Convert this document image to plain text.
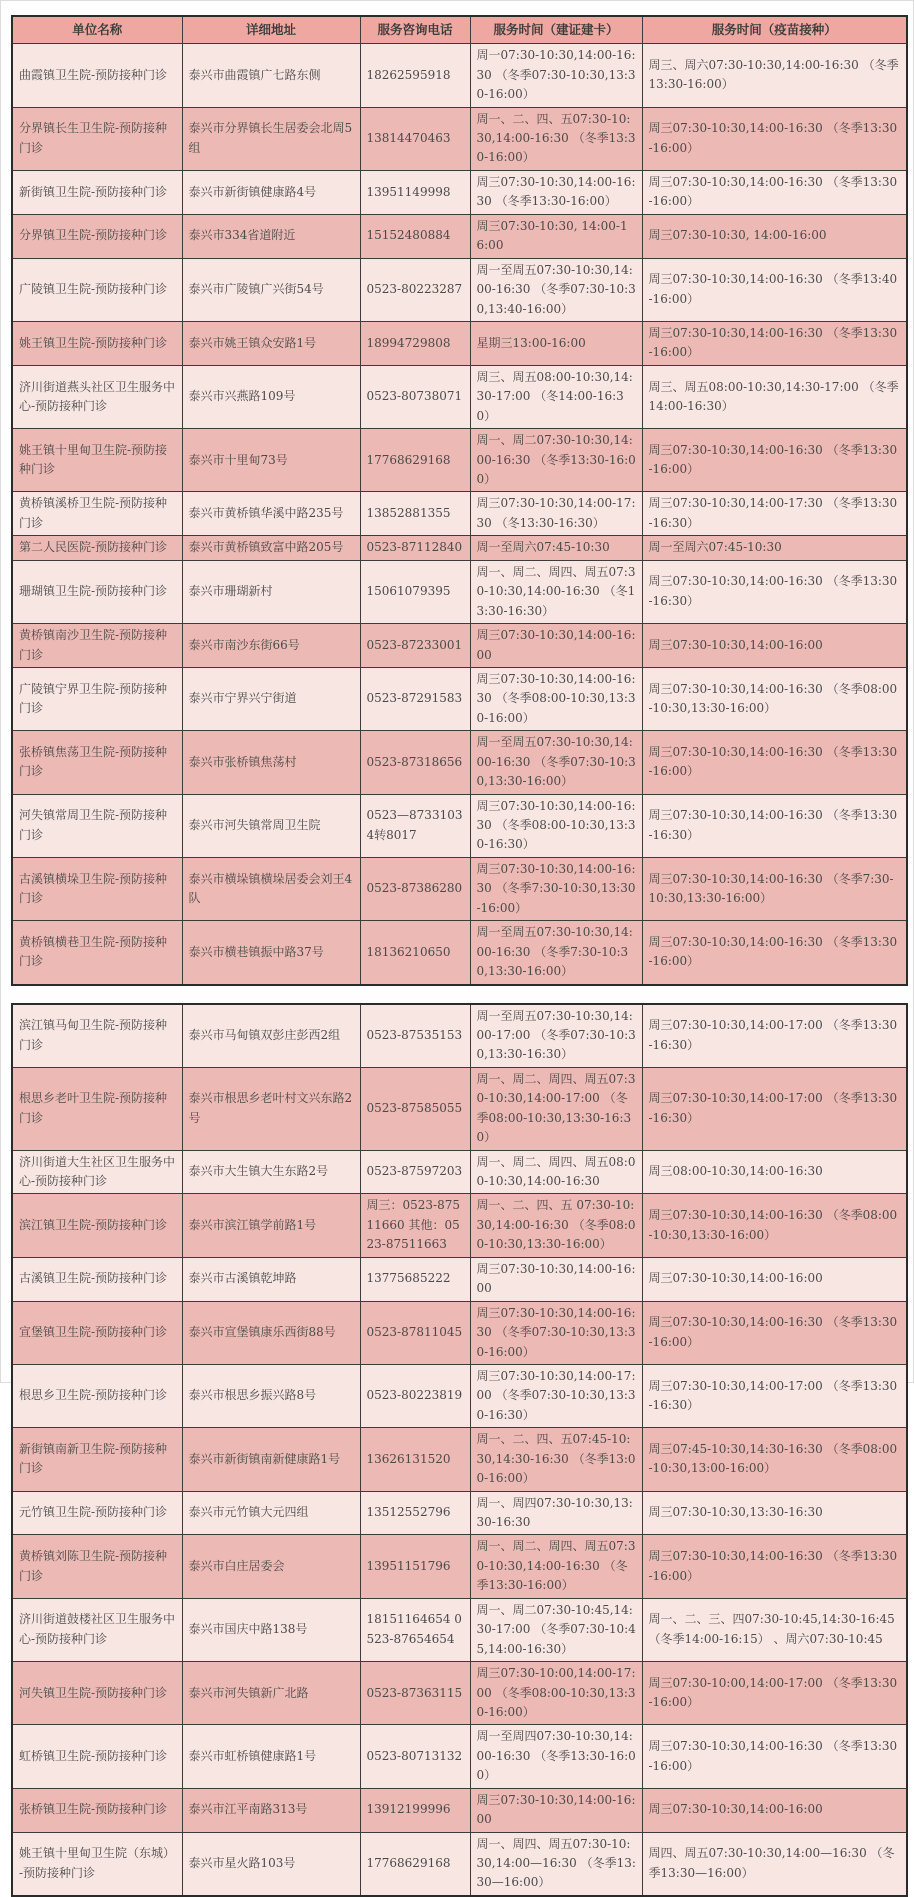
单位名称	详细地址	服务咨询电话	服务时间（建证建卡）	服务时间（疫苗接种）
曲霞镇卫生院-预防接种门诊	泰兴市曲霞镇广七路东侧	18262595918	周一07:30-10:30,14:00-16:30 （冬季07:30-10:30,13:30-16:00）	周三、周六07:30-10:30,14:00-16:30 （冬季13:30-16:00）
分界镇长生卫生院-预防接种门诊	泰兴市分界镇长生居委会北周5组	13814470463	周一、二、四、五07:30-10:30,14:00-16:30 （冬季13:30-16:00）	周三07:30-10:30,14:00-16:30 （冬季13:30-16:00）
新街镇卫生院-预防接种门诊	泰兴市新街镇健康路4号	13951149998	周三07:30-10:30,14:00-16:30 （冬季13:30-16:00）	周三07:30-10:30,14:00-16:30 （冬季13:30-16:00）
分界镇卫生院-预防接种门诊	泰兴市334省道附近	15152480884	周三07:30-10:30, 14:00-16:00	周三07:30-10:30, 14:00-16:00
广陵镇卫生院-预防接种门诊	泰兴市广陵镇广兴街54号	0523-80223287	周一至周五07:30-10:30,14:00-16:30 （冬季07:30-10:30,13:40-16:00）	周三07:30-10:30,14:00-16:30 （冬季13:40-16:00）
姚王镇卫生院-预防接种门诊	泰兴市姚王镇众安路1号	18994729808	星期三13:00-16:00	周三07:30-10:30,14:00-16:30 （冬季13:30-16:00）
济川街道燕头社区卫生服务中心-预防接种门诊	泰兴市兴燕路109号	0523-80738071	周三、周五08:00-10:30,14:30-17:00 （冬14:00-16:30）	周三、周五08:00-10:30,14:30-17:00 （冬季14:00-16:30）
姚王镇十里甸卫生院-预防接种门诊	泰兴市十里甸73号	17768629168	周一、周二07:30-10:30,14:00-16:30 （冬季13:30-16:00）	周三07:30-10:30,14:00-16:30 （冬季13:30-16:00）
黄桥镇溪桥卫生院-预防接种门诊	泰兴市黄桥镇华溪中路235号	13852881355	周三07:30-10:30,14:00-17:30 （冬13:30-16:30）	周三07:30-10:30,14:00-17:30 （冬季13:30-16:30）
第二人民医院-预防接种门诊	泰兴市黄桥镇致富中路205号	0523-87112840	周一至周六07:45-10:30	周一至周六07:45-10:30
珊瑚镇卫生院-预防接种门诊	泰兴市珊瑚新村	15061079395	周一、周二、周四、周五07:30-10:30,14:00-16:30 （冬13:30-16:30）	周三07:30-10:30,14:00-16:30 （冬季13:30-16:30）
黄桥镇南沙卫生院-预防接种门诊	泰兴市南沙东街66号	0523-87233001	周三07:30-10:30,14:00-16:00	周三07:30-10:30,14:00-16:00
广陵镇宁界卫生院-预防接种门诊	泰兴市宁界兴宁街道	0523-87291583	周三07:30-10:30,14:00-16:30 （冬季08:00-10:30,13:30-16:00）	周三07:30-10:30,14:00-16:30 （冬季08:00-10:30,13:30-16:00）
张桥镇焦荡卫生院-预防接种门诊	泰兴市张桥镇焦荡村	0523-87318656	周一至周五07:30-10:30,14:00-16:30 （冬季07:30-10:30,13:30-16:00）	周三07:30-10:30,14:00-16:30 （冬季13:30-16:00）
河失镇常周卫生院-预防接种门诊	泰兴市河失镇常周卫生院	0523—87331034转8017	周三07:30-10:30,14:00-16:30 （冬季08:00-10:30,13:30-16:30）	周三07:30-10:30,14:00-16:30 （冬季13:30-16:30）
古溪镇横垛卫生院-预防接种门诊	泰兴市横垛镇横垛居委会刘王4队	0523-87386280	周三07:30-10:30,14:00-16:30 （冬季7:30-10:30,13:30-16:00）	周三07:30-10:30,14:00-16:30 （冬季7:30-10:30,13:30-16:00）
黄桥镇横巷卫生院-预防接种门诊	泰兴市横巷镇振中路37号	18136210650	周一至周五07:30-10:30,14:00-16:30 （冬季7:30-10:30,13:30-16:00）	周三07:30-10:30,14:00-16:30 （冬季13:30-16:00）
滨江镇马甸卫生院-预防接种门诊	泰兴市马甸镇双彭庄彭西2组	0523-87535153	周一至周五07:30-10:30,14:00-17:00 （冬季07:30-10:30,13:30-16:30）	周三07:30-10:30,14:00-17:00 （冬季13:30-16:30）
根思乡老叶卫生院-预防接种门诊	泰兴市根思乡老叶村文兴东路2号	0523-87585055	周一、周二、周四、周五07:30-10:30,14:00-17:00 （冬季08:00-10:30,13:30-16:30）	周三07:30-10:30,14:00-17:00 （冬季13:30-16:30）
济川街道大生社区卫生服务中心-预防接种门诊	泰兴市大生镇大生东路2号	0523-87597203	周一、周二、周四、周五08:00-10:30,14:00-16:30	周三08:00-10:30,14:00-16:30
滨江镇卫生院-预防接种门诊	泰兴市滨江镇学前路1号	周三：0523-87511660 其他：0523-87511663	周一、二、四、五 07:30-10:30,14:00-16:30 （冬季08:00-10:30,13:30-16:00）	周三07:30-10:30,14:00-16:30 （冬季08:00-10:30,13:30-16:00）
古溪镇卫生院-预防接种门诊	泰兴市古溪镇乾坤路	13775685222	周三07:30-10:30,14:00-16:00	周三07:30-10:30,14:00-16:00
宣堡镇卫生院-预防接种门诊	泰兴市宣堡镇康乐西街88号	0523-87811045	周三07:30-10:30,14:00-16:30 （冬季07:30-10:30,13:30-16:00）	周三07:30-10:30,14:00-16:30 （冬季13:30-16:00）
根思乡卫生院-预防接种门诊	泰兴市根思乡振兴路8号	0523-80223819	周三07:30-10:30,14:00-17:00 （冬季07:30-10:30,13:30-16:30）	周三07:30-10:30,14:00-17:00 （冬季13:30-16:30）
新街镇南新卫生院-预防接种门诊	泰兴市新街镇南新健康路1号	13626131520	周一、二、四、五07:45-10:30,14:30-16:30 （冬季13:00-16:00）	周三07:45-10:30,14:30-16:30 （冬季08:00-10:30,13:00-16:00）
元竹镇卫生院-预防接种门诊	泰兴市元竹镇大元四组	13512552796	周一、周四07:30-10:30,13:30-16:30	周三07:30-10:30,13:30-16:30
黄桥镇刘陈卫生院-预防接种门诊	泰兴市白庄居委会	13951151796	周一、周二、周四、周五07:30-10:30,14:00-16:30 （冬季13:30-16:00）	周三07:30-10:30,14:00-16:30 （冬季13:30-16:00）
济川街道鼓楼社区卫生服务中心-预防接种门诊	泰兴市国庆中路138号	18151164654 0523-87654654	周一、周二07:30-10:45,14:30-17:00 （冬季07:30-10:45,14:00-16:30）	周一、二、三、四07:30-10:45,14:30-16:45 （冬季14:00-16:15） 、周六07:30-10:45
河失镇卫生院-预防接种门诊	泰兴市河失镇新广北路	0523-87363115	周三07:30-10:00,14:00-17:00 （冬季08:00-10:30,13:30-16:00）	周三07:30-10:00,14:00-17:00 （冬季13:30-16:00）
虹桥镇卫生院-预防接种门诊	泰兴市虹桥镇健康路1号	0523-80713132	周一至周四07:30-10:30,14:00-16:30 （冬季13:30-16:00）	周三07:30-10:30,14:00-16:30 （冬季13:30-16:00）
张桥镇卫生院-预防接种门诊	泰兴市江平南路313号	13912199996	周三07:30-10:30,14:00-16:00	周三07:30-10:30,14:00-16:00
姚王镇十里甸卫生院（东城）-预防接种门诊	泰兴市星火路103号	17768629168	周一、周四、周五07:30-10:30,14:00—16:30 （冬季13:30—16:00）	周四、周五07:30-10:30,14:00—16:30 （冬季13:30—16:00）
